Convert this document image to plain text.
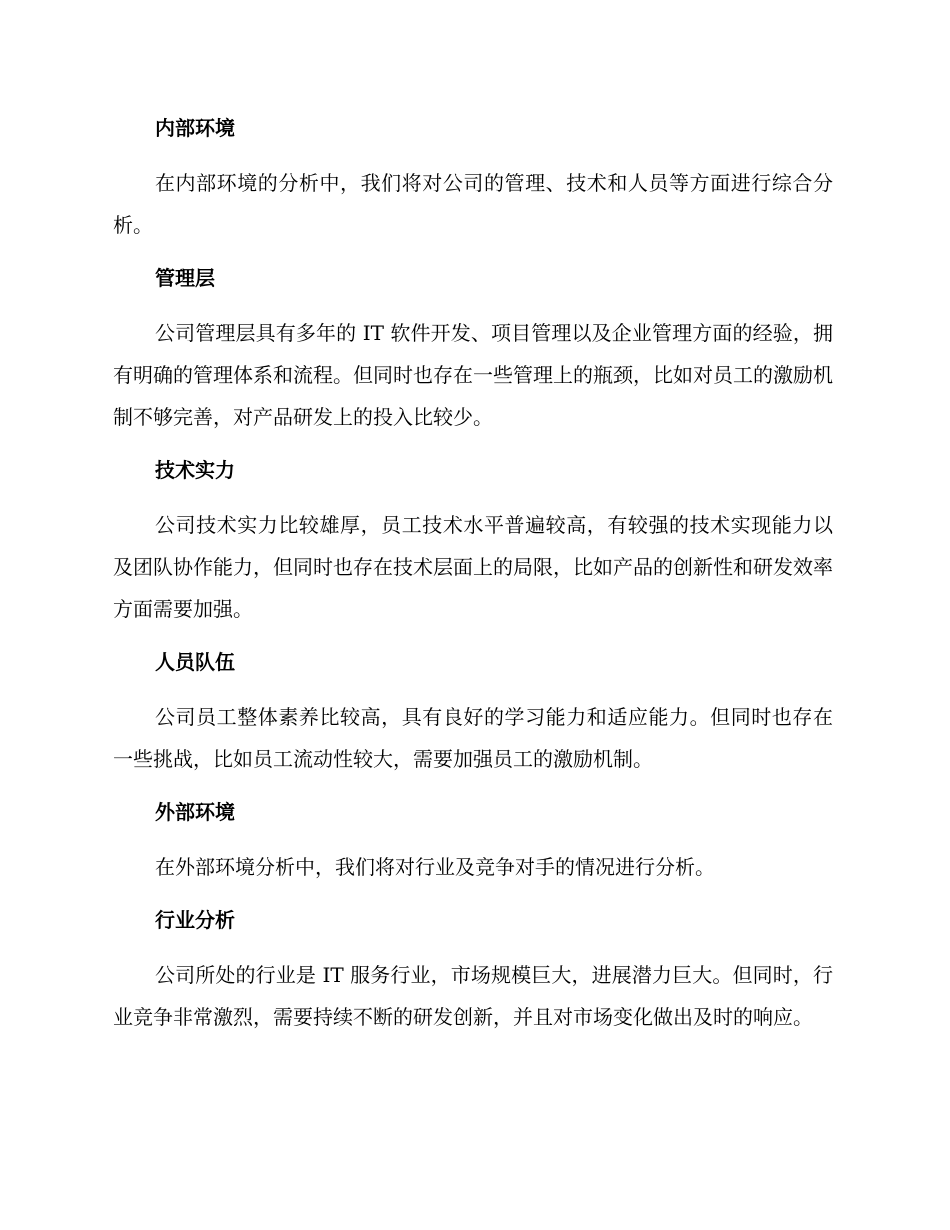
内部环境

在内部环境的分析中，我们将对公司的管理、技术和人员等方面进行综合分析。

管理层

公司管理层具有多年的 IT 软件开发、项目管理以及企业管理方面的经验，拥有明确的管理体系和流程。但同时也存在一些管理上的瓶颈，比如对员工的激励机制不够完善，对产品研发上的投入比较少。

技术实力

公司技术实力比较雄厚，员工技术水平普遍较高，有较强的技术实现能力以及团队协作能力，但同时也存在技术层面上的局限，比如产品的创新性和研发效率方面需要加强。

人员队伍

公司员工整体素养比较高，具有良好的学习能力和适应能力。但同时也存在一些挑战，比如员工流动性较大，需要加强员工的激励机制。

外部环境

在外部环境分析中，我们将对行业及竞争对手的情况进行分析。

行业分析

公司所处的行业是 IT 服务行业，市场规模巨大，进展潜力巨大。但同时，行业竞争非常激烈，需要持续不断的研发创新，并且对市场变化做出及时的响应。
